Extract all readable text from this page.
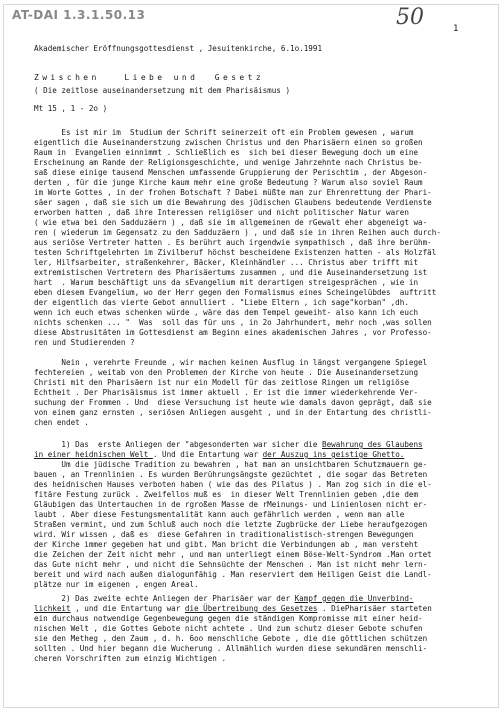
AT-DAI 1.3.1.50.13	50	1
Akademischer Eröffnungsgottesdienst , Jesuitenkirche, 6.1o.1991
Zwischen   Liebe und  Gesetz
( Die zeitlose auseinandersetzung mit dem Pharisäismus )
Mt 15 , 1 - 2o )
Es ist mir im  Studium der Schrift seinerzeit oft ein Problem gewesen , warum
eigentlich die Auseinanderstzung zwischen Christus und den Pharisäern einen so großen
Raum in  Evangelien einnimmt . Schließlich es  sich bei dieser Bewegung doch um eine
Erscheinung am Rande der Religionsgeschichte, und wenige Jahrzehnte nach Christus be-
saß diese einige tausend Menschen umfassende Gruppierung der Perischtim , der Abgeson-
derten , für die junge Kirche kaum mehr eine große Bedeutung ? Warum also soviel Raum
im Worte Gottes , in der frohen Botschaft ? Dabei müßte man zur Ehrenrettung der Phari-
säer sagen , daß sie sich um die Bewahrung des jüdischen Glaubens bedeutende Verdienste
erworben hatten , daß ihre Interessen religiöser und nicht politischer Natur waren
( wie etwa bei den Sadduzäern ) , daß sie im allgemeinen de rGewalt eher abgeneigt wa-
ren ( wiederum im Gegensatz zu den Sadduzäern ) , und daß sie in ihren Reihen auch durch-
aus seriöse Vertreter hatten . Es berührt auch irgendwie sympathisch , daß ihre berühm-
testen Schriftgelehrten im Zivilberuf höchst bescheidene Existenzen hatten - als Holzfäl
ler, Hilfsarbeiter, straßenkehrer, Bäcker, Kleinhändler ... Christus aber trifft mit
extremistischen Vertretern des Pharisäertums zusammen , und die Auseinandersetzung ist
hart  . Warum beschäftigt uns da sEvangelium mit derartigen streigesprächen , wie in
eben diesem Evangelium, wo der Herr gegen den Formalismus eines Scheingelübdes  auftritt
der eigentlich das vierte Gebot annulliert . "Liebe Eltern , ich sage"korban" ,dh.
wenn ich euch etwas schenken würde , wäre das dem Tempel geweiht- also kann ich euch
nichts schenken ... "  Was  soll das für uns , in 2o Jahrhundert, mehr noch ,was sollen
diese Abstrusitäten im Gottesdienst am Beginn eines akademischen Jahres , vor Professo-
ren und Studierenden ?
Nein , verehrte Freunde , wir machen keinen Ausflug in längst vergangene Spiegel
fechtereien , weitab von den Problemen der Kirche von heute . Die Auseinandersetzung
Christi mit den Pharisäern ist nur ein Modell für das zeitlose Ringen um religiöse
Echtheit . Der Pharisäismus ist immer aktuell . Er ist die immer wiederkehrende Ver-
suchung der Frommen . Und  diese Versuchung ist heute wie damals davon geprägt, daß sie
von einem ganz ernsten , seriösen Anliegen ausgeht , und in der Entartung des christli-
chen endet .
1) Das  erste Anliegen der "abgesonderten war sicher die Bewahrung des Glaubens
in einer heidnischen Welt . Und die Entartung war der Auszug ins geistige Ghetto.
Um die jüdische Tradition zu bewahren , hat man an unsichtbaren Schutzmauern ge-
bauen , an Trennlinien . Es wurden Berührungsängste gezüchtet , die sogar das Betreten
des heidnischen Hauses verboten haben ( wie das des Pilatus ) . Man zog sich in die el-
fitäre Festung zurück . Zweifellos muß es  in dieser Welt Trennlinien geben ,die dem
Gläubigen das Untertauchen in de rgroßen Masse de rMeinungs- und Linienlosen nicht er-
laubt . Aber diese Festungsmentalität kann auch gefährlich werden , wenn man alle
Straßen vermint, und zum Schluß auch noch die letzte Zugbrücke der Liebe heraufgezogen
wird. Wir wissen , daß es  diese Gefahren in traditionalistisch-strengen Bewegungen
der Kirche immer gegeben hat und gibt. Man bricht die Verbindungen ab , man versteht
die Zeichen der Zeit nicht mehr , und man unterliegt einem Böse-Welt-Syndrom .Man ortet
das Gute nicht mehr , und nicht die Sehnsüchte der Menschen . Man ist nicht mehr lern-
bereit und wird nach außen dialogunfähig . Man reserviert dem Heiligen Geist die Landl-
plätze nur im eigenen , engen Areal.
2) Das zweite echte Anliegen der Pharisäer war der Kampf gegen die Unverbind-
lichkeit , und die Entartung war die Übertreibung des Gesetzes . DiePharisäer starteten
ein durchaus notwendige Gegenbewegung gegen die ständigen Kompromisse mit einer heid-
nischen Welt , die Gottes Gebote nicht achtete . Und zum schutz dieser Gebote schufen
sie den Metheg , den Zaum , d. h. 6oo menschliche Gebote , die die göttlichen schützen
sollten . Und hier begann die Wucherung . Allmählich wurden diese sekundären menschli-
cheren Vorschriften zum einzig Wichtigen .
